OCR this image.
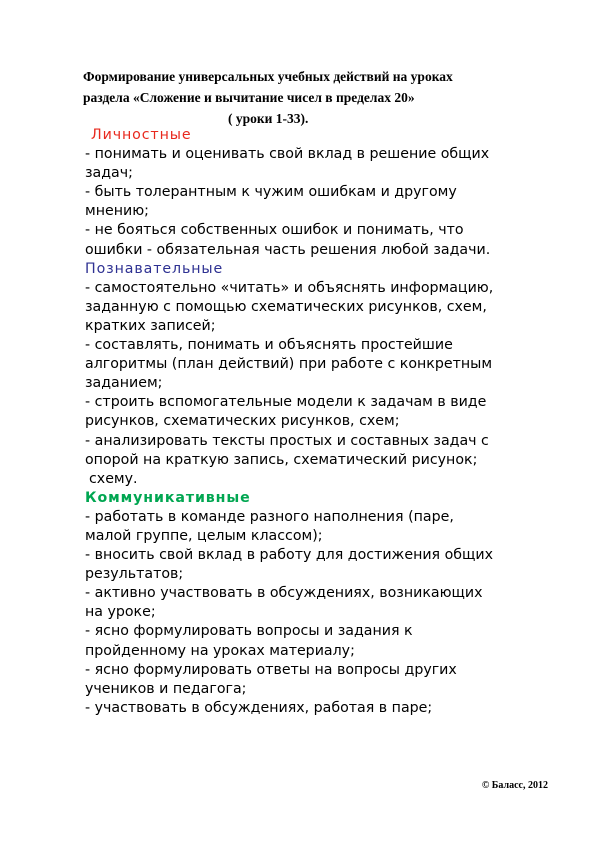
Формирование универсальных учебных действий на уроках
раздела «Сложение и вычитание чисел в пределах 20»
( уроки 1-33).

Личностные

- понимать и оценивать свой вклад в решение общих

задач;

- быть толерантным к чужим ошибкам и другому

мнению;

- не бояться собственных ошибок и понимать, что

ошибки - обязательная часть решения любой задачи.

Познавательные

- самостоятельно «читать» и объяснять информацию,

заданную с помощью схематических рисунков, схем,

кратких записей;

- составлять, понимать и объяснять простейшие

алгоритмы (план действий) при работе с конкретным

заданием;

- строить вспомогательные модели к задачам в виде

рисунков, схематических рисунков, схем;

- анализировать тексты простых и составных задач с

опорой на краткую запись, схематический рисунок;

схему.

Коммуникативные

- работать в команде разного наполнения (паре,

малой группе, целым классом);

- вносить свой вклад в работу для достижения общих

результатов;

- активно участвовать в обсуждениях, возникающих

на уроке;

- ясно формулировать вопросы и задания к

пройденному на уроках материалу;

- ясно формулировать ответы на вопросы других

учеников и педагога;

- участвовать в обсуждениях, работая в паре;

© Баласс, 2012
